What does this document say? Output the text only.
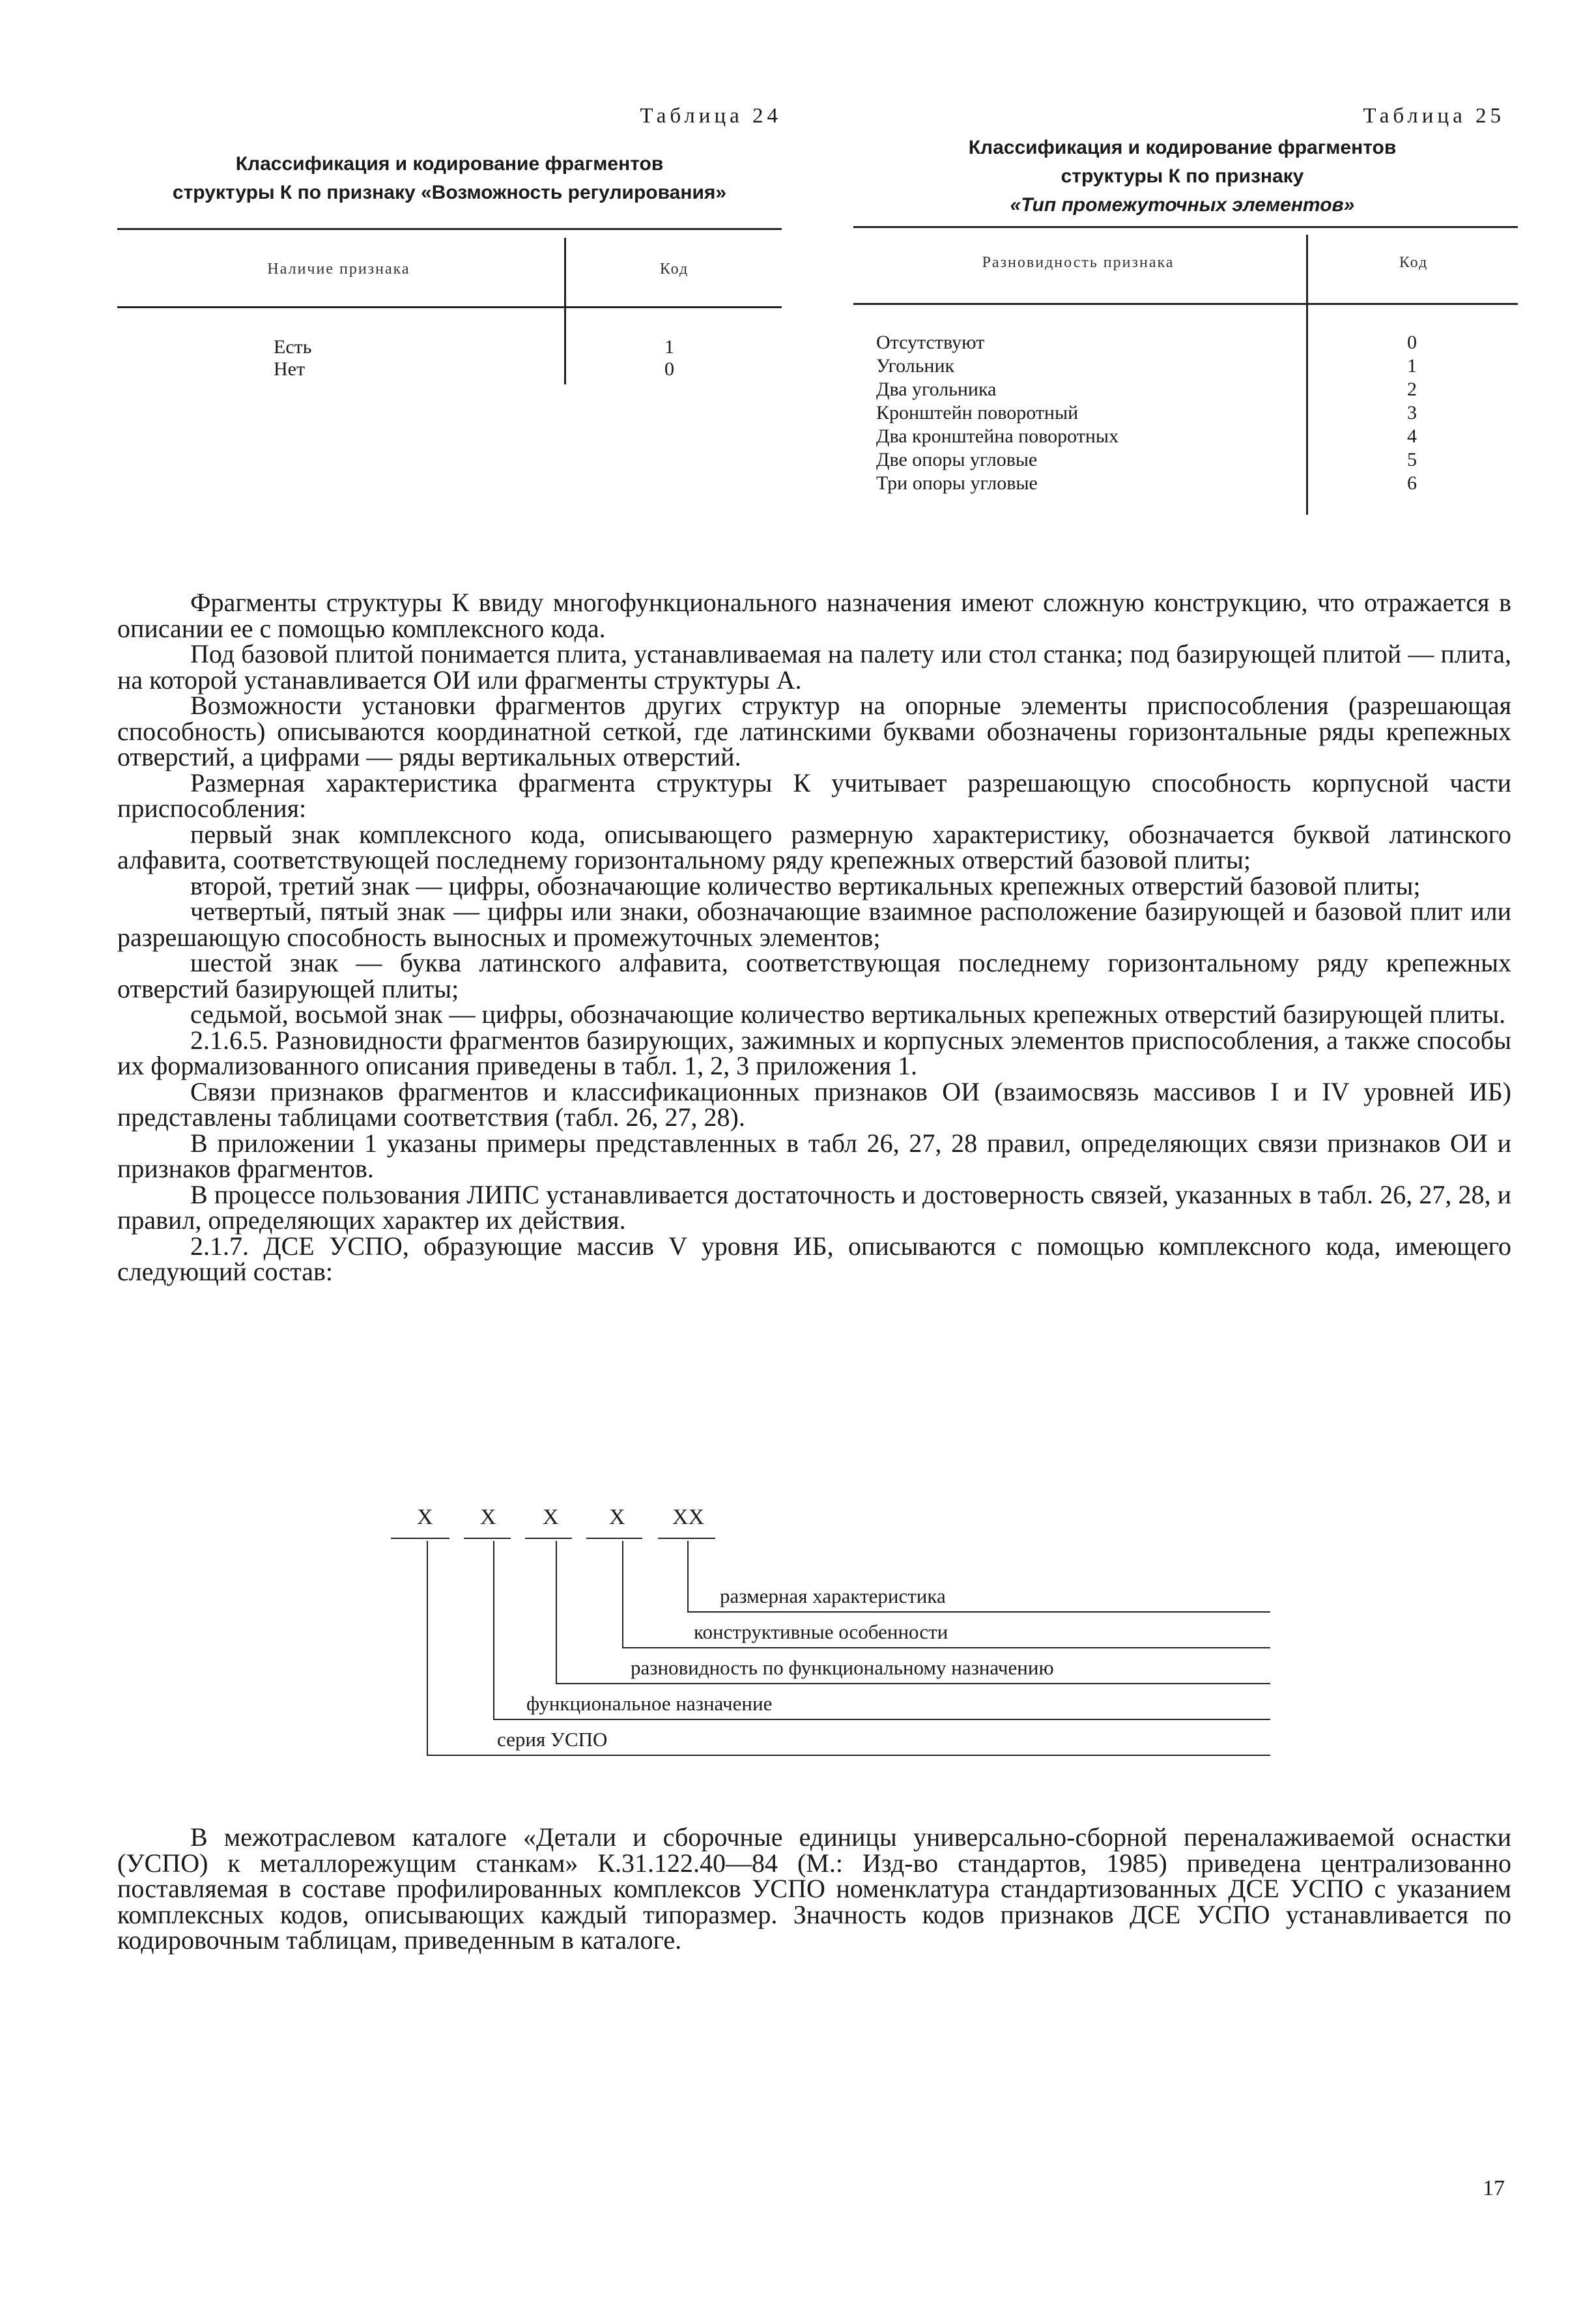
Таблица 24
Классификация и кодирование фрагментов
структуры К по признаку «Возможность регулирования»
Наличие признака	Код
Есть	1
Нет	0
Таблица 25
Классификация и кодирование фрагментов
структуры К по признаку
«Тип промежуточных элементов»
Разновидность признака	Код
Отсутствуют	0
Угольник	1
Два угольника	2
Кронштейн поворотный	3
Два кронштейна поворотных	4
Две опоры угловые	5
Три опоры угловые	6

Фрагменты структуры К ввиду многофункционального назначения имеют сложную конструкцию, что отражается в описании ее с помощью комплексного кода.

Под базовой плитой понимается плита, устанавливаемая на палету или стол станка; под базирующей плитой — плита, на которой устанавливается ОИ или фрагменты структуры А.

Возможности установки фрагментов других структур на опорные элементы приспособления (разрешающая способность) описываются координатной сеткой, где латинскими буквами обозначены горизонтальные ряды крепежных отверстий, а цифрами — ряды вертикальных отверстий.

Размерная характеристика фрагмента структуры К учитывает разрешающую способность корпусной части приспособления:

первый знак комплексного кода, описывающего размерную характеристику, обозначается буквой латинского алфавита, соответствующей последнему горизонтальному ряду крепежных отверстий базовой плиты;

второй, третий знак — цифры, обозначающие количество вертикальных крепежных отверстий базовой плиты;

четвертый, пятый знак — цифры или знаки, обозначающие взаимное расположение базирующей и базовой плит или разрешающую способность выносных и промежуточных элементов;

шестой знак — буква латинского алфавита, соответствующая последнему горизонтальному ряду крепежных отверстий базирующей плиты;

седьмой, восьмой знак — цифры, обозначающие количество вертикальных крепежных отверстий базирующей плиты.

2.1.6.5. Разновидности фрагментов базирующих, зажимных и корпусных элементов приспособления, а также способы их формализованного описания приведены в табл. 1, 2, 3 приложения 1.

Связи признаков фрагментов и классификационных признаков ОИ (взаимосвязь массивов I и IV уровней ИБ) представлены таблицами соответствия (табл. 26, 27, 28).

В приложении 1 указаны примеры представленных в табл 26, 27, 28 правил, определяющих связи признаков ОИ и признаков фрагментов.

В процессе пользования ЛИПС устанавливается достаточность и достоверность связей, указанных в табл. 26, 27, 28, и правил, определяющих характер их действия.

2.1.7. ДСЕ УСПО, образующие массив V уровня ИБ, описываются с помощью комплексного кода, имеющего следующий состав:

X X X X XX
размерная характеристика
конструктивные особенности
разновидность по функциональному назначению
функциональное назначение
серия УСПО

В межотраслевом каталоге «Детали и сборочные единицы универсально-сборной переналаживаемой оснастки (УСПО) к металлорежущим станкам» К.31.122.40—84 (М.: Изд-во стандартов, 1985) приведена централизованно поставляемая в составе профилированных комплексов УСПО номенклатура стандартизованных ДСЕ УСПО с указанием комплексных кодов, описывающих каждый типоразмер. Значность кодов признаков ДСЕ УСПО устанавливается по кодировочным таблицам, приведенным в каталоге.

17
